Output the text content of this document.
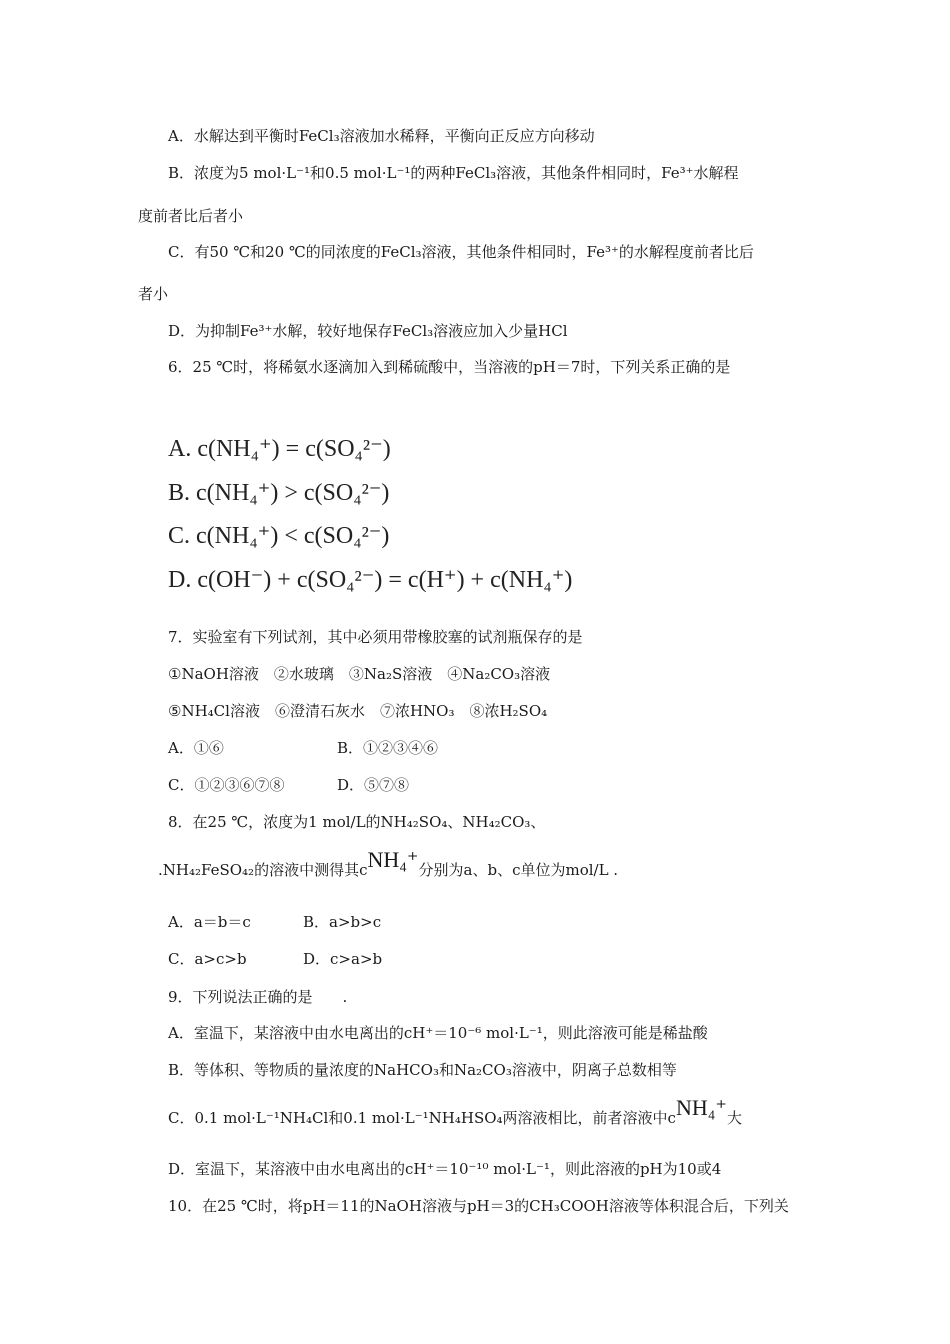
A．水解达到平衡时FeCl₃溶液加水稀释，平衡向正反应方向移动
B．浓度为5 mol·L⁻¹和0.5 mol·L⁻¹的两种FeCl₃溶液，其他条件相同时，Fe³⁺水解程
度前者比后者小
C．有50 ℃和20 ℃的同浓度的FeCl₃溶液，其他条件相同时，Fe³⁺的水解程度前者比后
者小
D．为抑制Fe³⁺水解，较好地保存FeCl₃溶液应加入少量HCl
6．25 ℃时，将稀氨水逐滴加入到稀硫酸中，当溶液的pH＝7时，下列关系正确的是
A. c(NH₄⁺) = c(SO₄²⁻)
B. c(NH₄⁺) > c(SO₄²⁻)
C. c(NH₄⁺) < c(SO₄²⁻)
D. c(OH⁻) + c(SO₄²⁻) = c(H⁺) + c(NH₄⁺)
7．实验室有下列试剂，其中必须用带橡胶塞的试剂瓶保存的是
①NaOH溶液　②水玻璃　③Na₂S溶液　④Na₂CO₃溶液
⑤NH₄Cl溶液　⑥澄清石灰水　⑦浓HNO₃　⑧浓H₂SO₄
A．①⑥	B．①②③④⑥
C．①②③⑥⑦⑧	D．⑤⑦⑧
8．在25 ℃，浓度为1 mol/L的NH₄₂SO₄、NH₄₂CO₃、
.NH₄₂FeSO₄₂的溶液中测得其cNH₄⁺分别为a、b、c单位为mol/L .
A．a＝b＝c	B．a>b>c
C．a>c>b	D．c>a>b
9．下列说法正确的是　　.
A．室温下，某溶液中由水电离出的cH⁺＝10⁻⁶ mol·L⁻¹，则此溶液可能是稀盐酸
B．等体积、等物质的量浓度的NaHCO₃和Na₂CO₃溶液中，阴离子总数相等
C．0.1 mol·L⁻¹NH₄Cl和0.1 mol·L⁻¹NH₄HSO₄两溶液相比，前者溶液中cNH₄⁺大
D．室温下，某溶液中由水电离出的cH⁺＝10⁻¹⁰ mol·L⁻¹，则此溶液的pH为10或4
10．在25 ℃时，将pH＝11的NaOH溶液与pH＝3的CH₃COOH溶液等体积混合后，下列关
